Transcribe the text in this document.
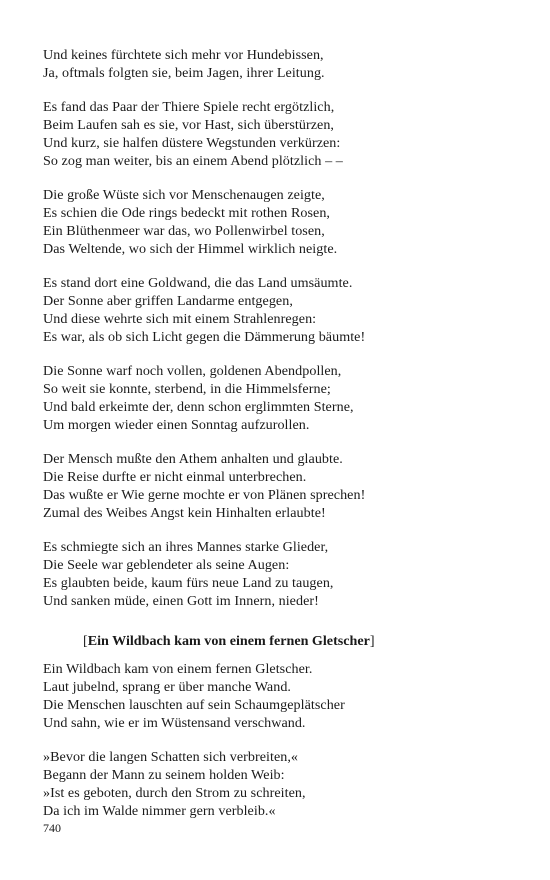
Und keines fürchtete sich mehr vor Hundebissen,
Ja, oftmals folgten sie, beim Jagen, ihrer Leitung.
Es fand das Paar der Thiere Spiele recht ergötzlich,
Beim Laufen sah es sie, vor Hast, sich überstürzen,
Und kurz, sie halfen düstere Wegstunden verkürzen:
So zog man weiter, bis an einem Abend plötzlich – –
Die große Wüste sich vor Menschenaugen zeigte,
Es schien die Ode rings bedeckt mit rothen Rosen,
Ein Blüthenmeer war das, wo Pollenwirbel tosen,
Das Weltende, wo sich der Himmel wirklich neigte.
Es stand dort eine Goldwand, die das Land umsäumte.
Der Sonne aber griffen Landarme entgegen,
Und diese wehrte sich mit einem Strahlenregen:
Es war, als ob sich Licht gegen die Dämmerung bäumte!
Die Sonne warf noch vollen, goldenen Abendpollen,
So weit sie konnte, sterbend, in die Himmelsferne;
Und bald erkeimte der, denn schon erglimmten Sterne,
Um morgen wieder einen Sonntag aufzurollen.
Der Mensch mußte den Athem anhalten und glaubte.
Die Reise durfte er nicht einmal unterbrechen.
Das wußte er Wie gerne mochte er von Plänen sprechen!
Zumal des Weibes Angst kein Hinhalten erlaubte!
Es schmiegte sich an ihres Mannes starke Glieder,
Die Seele war geblendeter als seine Augen:
Es glaubten beide, kaum fürs neue Land zu taugen,
Und sanken müde, einen Gott im Innern, nieder!
[Ein Wildbach kam von einem fernen Gletscher]
Ein Wildbach kam von einem fernen Gletscher.
Laut jubelnd, sprang er über manche Wand.
Die Menschen lauschten auf sein Schaumgeplätscher
Und sahn, wie er im Wüstensand verschwand.
»Bevor die langen Schatten sich verbreiten,«
Begann der Mann zu seinem holden Weib:
»Ist es geboten, durch den Strom zu schreiten,
Da ich im Walde nimmer gern verbleib.«
740
